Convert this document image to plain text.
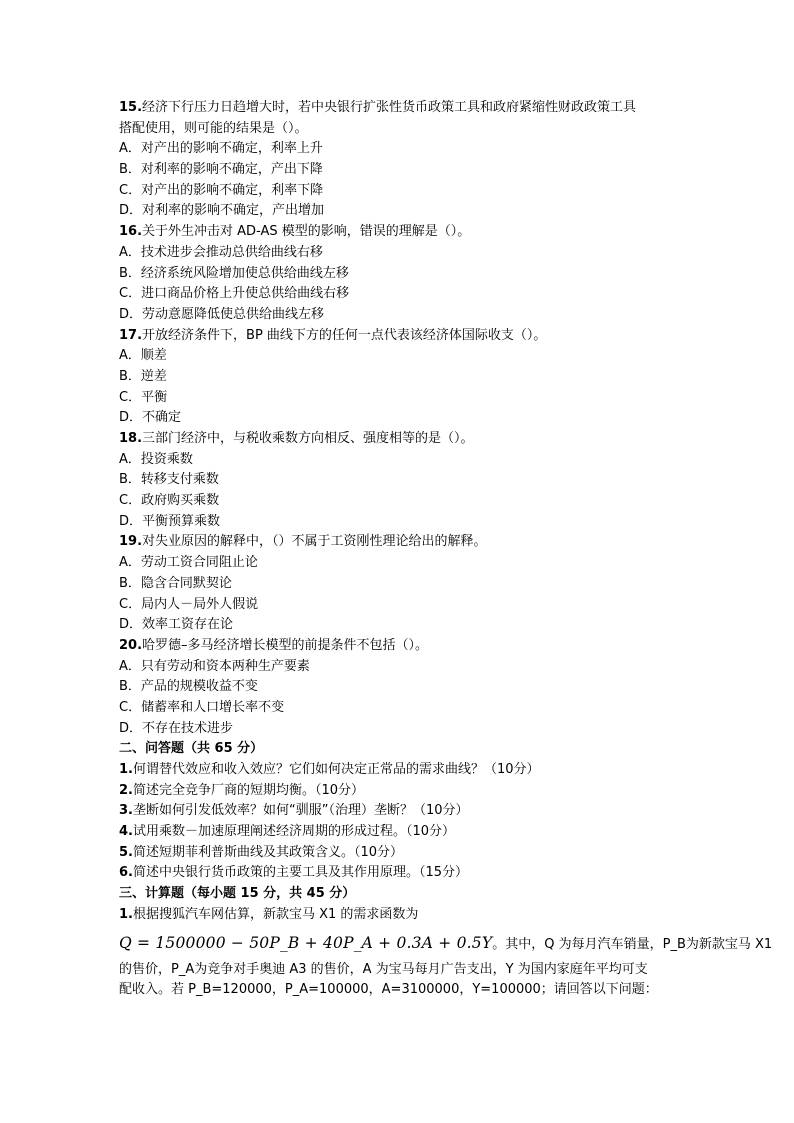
15.经济下行压力日趋增大时，若中央银行扩张性货币政策工具和政府紧缩性财政政策工具
搭配使用，则可能的结果是（）。
A．对产出的影响不确定，利率上升
B．对利率的影响不确定，产出下降
C．对产出的影响不确定，利率下降
D．对利率的影响不确定，产出增加
16.关于外生冲击对 AD-AS 模型的影响，错误的理解是（）。
A．技术进步会推动总供给曲线右移
B．经济系统风险增加使总供给曲线左移
C．进口商品价格上升使总供给曲线右移
D．劳动意愿降低使总供给曲线左移
17.开放经济条件下，BP 曲线下方的任何一点代表该经济体国际收支（）。
A．顺差
B．逆差
C．平衡
D．不确定
18.三部门经济中，与税收乘数方向相反、强度相等的是（）。
A．投资乘数
B．转移支付乘数
C．政府购买乘数
D．平衡预算乘数
19.对失业原因的解释中，（）不属于工资刚性理论给出的解释。
A．劳动工资合同阻止论
B．隐含合同默契论
C．局内人－局外人假说
D．效率工资存在论
20.哈罗德–多马经济增长模型的前提条件不包括（）。
A．只有劳动和资本两种生产要素
B．产品的规模收益不变
C．储蓄率和人口增长率不变
D．不存在技术进步
二、问答题（共 65 分）
1.何谓替代效应和收入效应？它们如何决定正常品的需求曲线？（10分）
2.简述完全竞争厂商的短期均衡。（10分）
3.垄断如何引发低效率？如何“驯服”（治理）垄断？（10分）
4.试用乘数－加速原理阐述经济周期的形成过程。（10分）
5.简述短期菲利普斯曲线及其政策含义。（10分）
6.简述中央银行货币政策的主要工具及其作用原理。（15分）
三、计算题（每小题 15 分，共 45 分）
1.根据搜狐汽车网估算，新款宝马 X1 的需求函数为
Q = 1500000 − 50P_B + 40P_A + 0.3A + 0.5Y。其中，Q 为每月汽车销量，P_B为新款宝马 X1
的售价，P_A为竞争对手奥迪 A3 的售价，A 为宝马每月广告支出，Y 为国内家庭年平均可支
配收入。若 P_B=120000，P_A=100000，A=3100000，Y=100000；请回答以下问题：
